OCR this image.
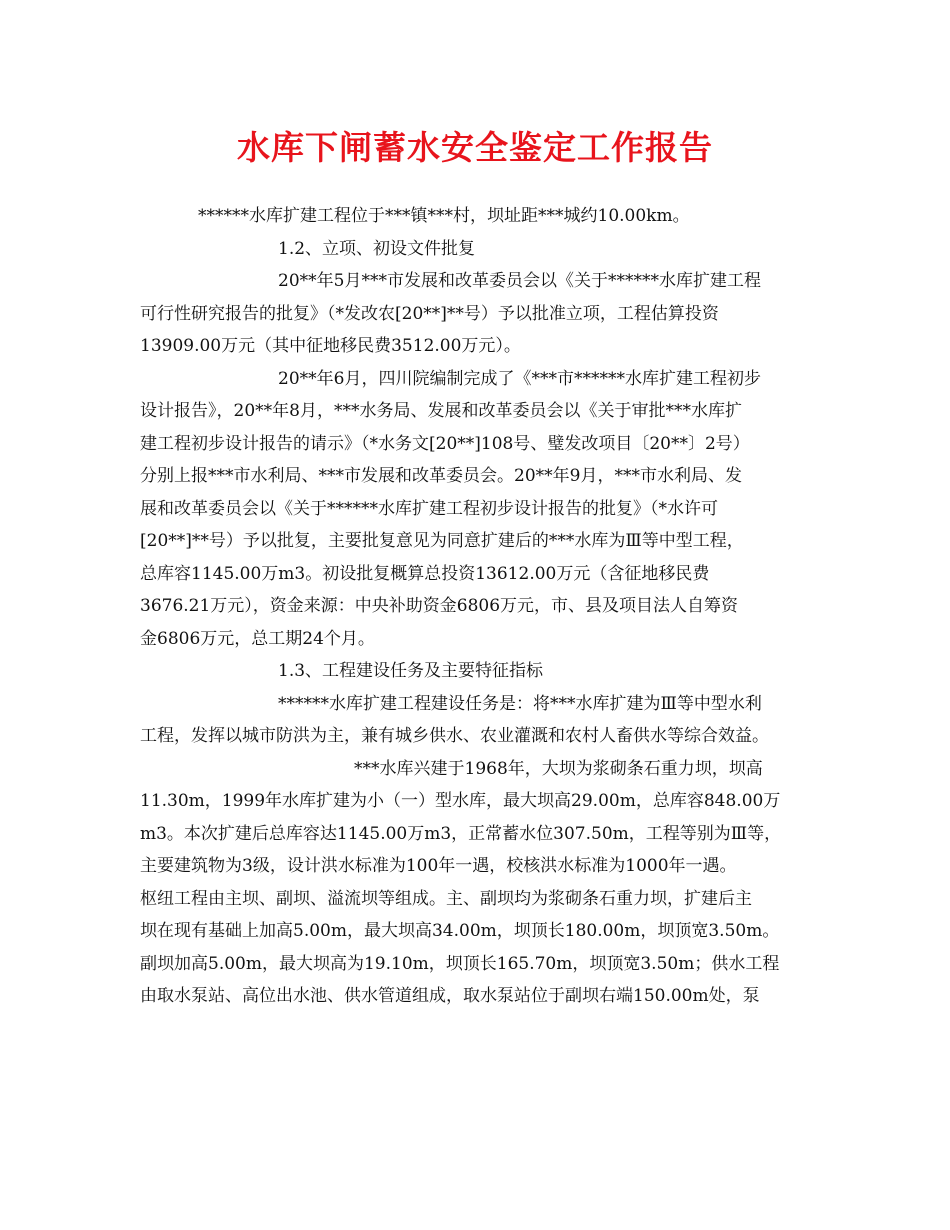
水库下闸蓄水安全鉴定工作报告
******水库扩建工程位于***镇***村，坝址距***城约10.00km。
1.2、立项、初设文件批复
20**年5月***市发展和改革委员会以《关于******水库扩建工程
可行性研究报告的批复》（*发改农[20**]**号）予以批准立项，工程估算投资
13909.00万元（其中征地移民费3512.00万元）。
20**年6月，四川院编制完成了《***市******水库扩建工程初步
设计报告》，20**年8月，***水务局、发展和改革委员会以《关于审批***水库扩
建工程初步设计报告的请示》（*水务文[20**]108号、璧发改项目〔20**〕2号）
分别上报***市水利局、***市发展和改革委员会。20**年9月，***市水利局、发
展和改革委员会以《关于******水库扩建工程初步设计报告的批复》（*水许可
[20**]**号）予以批复，主要批复意见为同意扩建后的***水库为Ⅲ等中型工程，
总库容1145.00万m3。初设批复概算总投资13612.00万元（含征地移民费
3676.21万元），资金来源：中央补助资金6806万元，市、县及项目法人自筹资
金6806万元，总工期24个月。
1.3、工程建设任务及主要特征指标
******水库扩建工程建设任务是：将***水库扩建为Ⅲ等中型水利
工程，发挥以城市防洪为主，兼有城乡供水、农业灌溉和农村人畜供水等综合效益。
***水库兴建于1968年，大坝为浆砌条石重力坝，坝高
11.30m，1999年水库扩建为小（一）型水库，最大坝高29.00m，总库容848.00万
m3。本次扩建后总库容达1145.00万m3，正常蓄水位307.50m，工程等别为Ⅲ等，
主要建筑物为3级，设计洪水标准为100年一遇，校核洪水标准为1000年一遇。
枢纽工程由主坝、副坝、溢流坝等组成。主、副坝均为浆砌条石重力坝，扩建后主
坝在现有基础上加高5.00m，最大坝高34.00m，坝顶长180.00m，坝顶宽3.50m。
副坝加高5.00m，最大坝高为19.10m，坝顶长165.70m，坝顶宽3.50m；供水工程
由取水泵站、高位出水池、供水管道组成，取水泵站位于副坝右端150.00m处，泵
